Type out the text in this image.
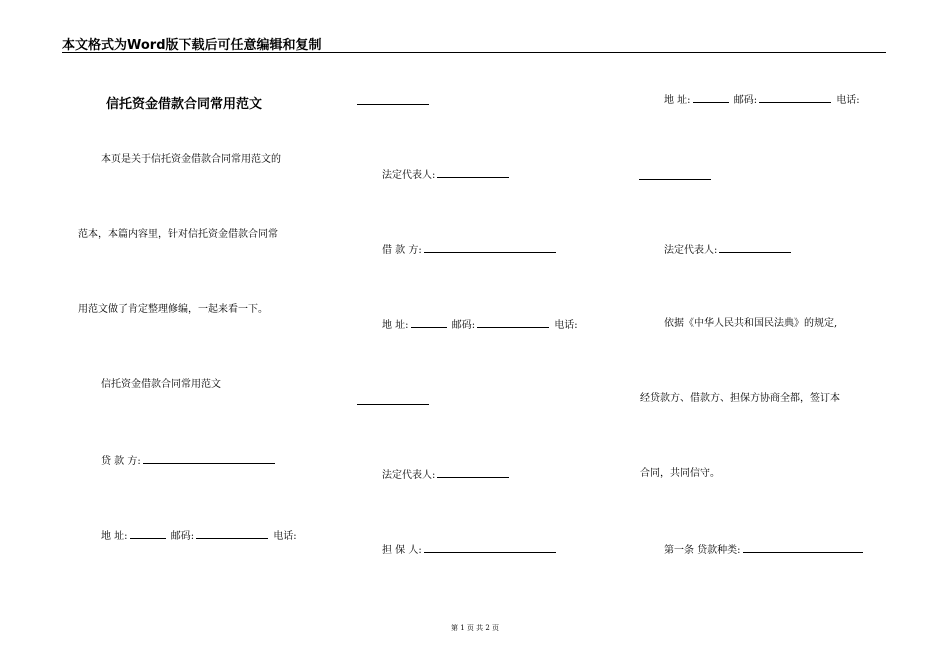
本文格式为Word版下载后可任意编辑和复制
信托资金借款合同常用范文
本页是关于信托资金借款合同常用范文的
范本，本篇内容里，针对信托资金借款合同常
用范文做了肯定整理修编，一起来看一下。
信托资金借款合同常用范文
贷 款 方:
地 址:	邮码:	电话:
法定代表人:
借 款 方:
地 址:	邮码:	电话:
法定代表人:
担 保 人:
地 址:	邮码:	电话:
法定代表人:
依据《中华人民共和国民法典》的规定,
经贷款方、借款方、担保方协商全都，签订本
合同，共同信守。
第一条 贷款种类:
第 1 页 共 2 页
